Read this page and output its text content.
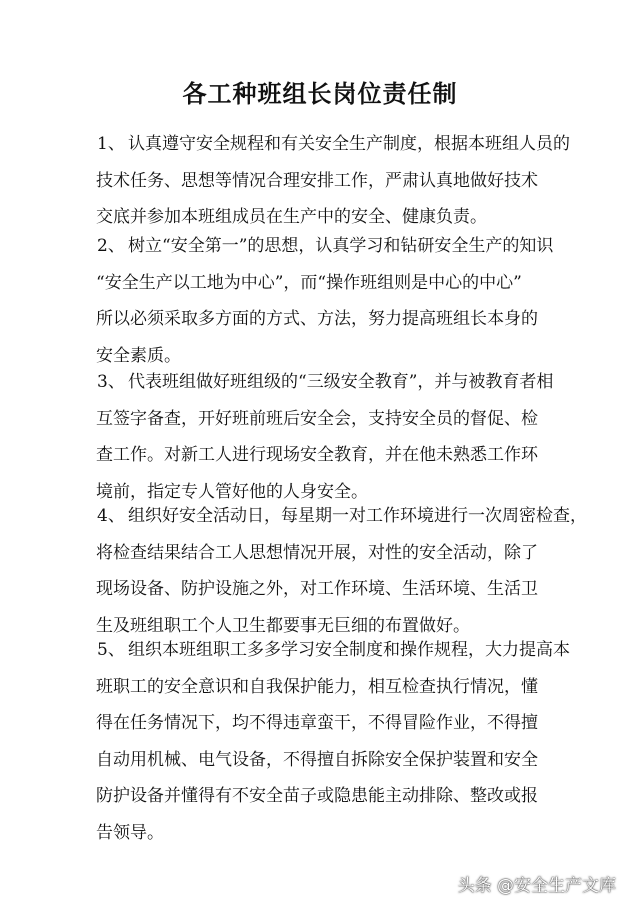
各工种班组长岗位责任制
1、 认真遵守安全规程和有关安全生产制度，根据本班组人员的
技术任务、思想等情况合理安排工作，严肃认真地做好技术
交底并参加本班组成员在生产中的安全、健康负责。
2、 树立“安全第一”的思想，认真学习和钻研安全生产的知识
“安全生产以工地为中心”，而“操作班组则是中心的中心”
所以必须采取多方面的方式、方法，努力提高班组长本身的
安全素质。
3、 代表班组做好班组级的“三级安全教育”，并与被教育者相
互签字备查，开好班前班后安全会，支持安全员的督促、检
查工作。对新工人进行现场安全教育，并在他未熟悉工作环
境前，指定专人管好他的人身安全。
4、 组织好安全活动日，每星期一对工作环境进行一次周密检查，
将检查结果结合工人思想情况开展，对性的安全活动，除了
现场设备、防护设施之外，对工作环境、生活环境、生活卫
生及班组职工个人卫生都要事无巨细的布置做好。
5、 组织本班组职工多多学习安全制度和操作规程，大力提高本
班职工的安全意识和自我保护能力，相互检查执行情况，懂
得在任务情况下，均不得违章蛮干，不得冒险作业，不得擅
自动用机械、电气设备，不得擅自拆除安全保护装置和安全
防护设备并懂得有不安全苗子或隐患能主动排除、整改或报
告领导。
头条 @安全生产文库
